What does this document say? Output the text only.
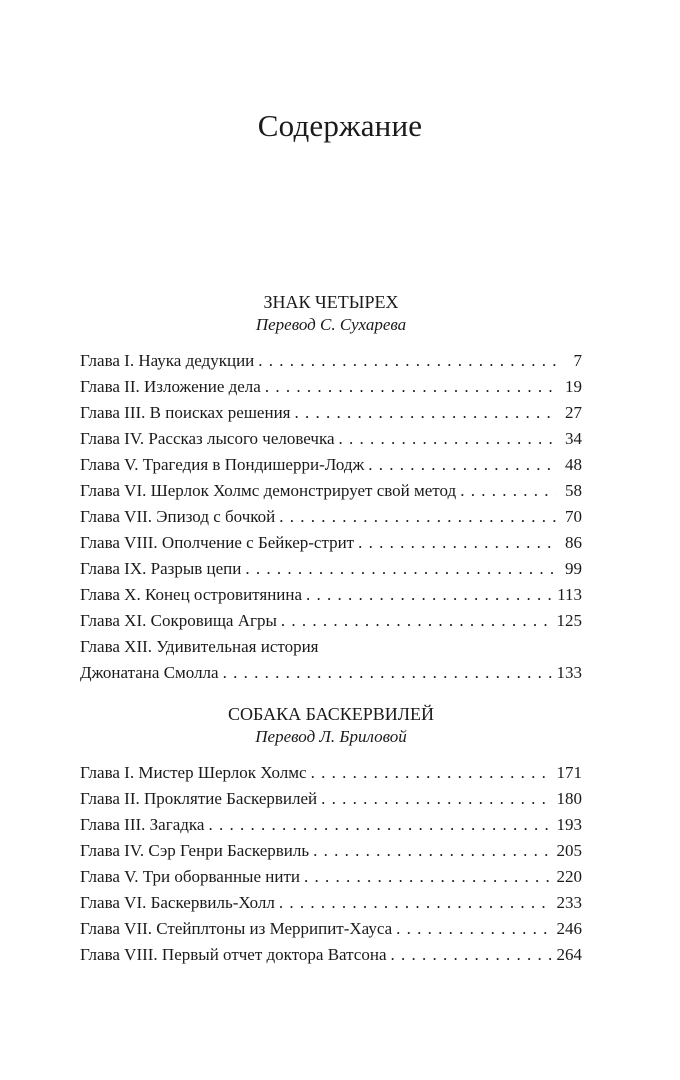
Содержание
ЗНАК ЧЕТЫРЕХ
Перевод С. Сухарева
Глава I. Наука дедукции . . .	7
Глава II. Изложение дела . . .	19
Глава III. В поисках решения . . .	27
Глава IV. Рассказ лысого человечка . . .	34
Глава V. Трагедия в Пондишерри-Лодж . . .	48
Глава VI. Шерлок Холмс демонстрирует свой метод . . .	58
Глава VII. Эпизод с бочкой . . .	70
Глава VIII. Ополчение с Бейкер-стрит . . .	86
Глава IX. Разрыв цепи . . .	99
Глава X. Конец островитянина . . .	113
Глава XI. Сокровища Агры . . .	125
Глава XII. Удивительная история
Джонатана Смолла . . .	133
СОБАКА БАСКЕРВИЛЕЙ
Перевод Л. Бриловой
Глава I. Мистер Шерлок Холмс . . .	171
Глава II. Проклятие Баскервилей . . .	180
Глава III. Загадка . . .	193
Глава IV. Сэр Генри Баскервиль . . .	205
Глава V. Три оборванные нити . . .	220
Глава VI. Баскервиль-Холл . . .	233
Глава VII. Стейплтоны из Меррипит-Хауса . . .	246
Глава VIII. Первый отчет доктора Ватсона . . .	264
